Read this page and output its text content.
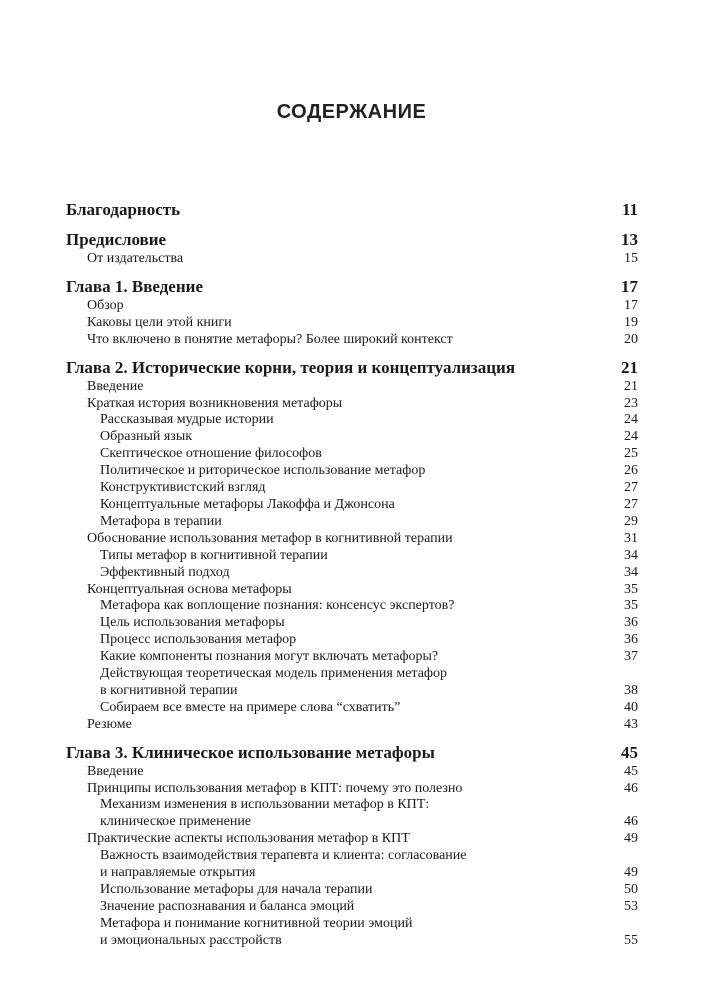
СОДЕРЖАНИЕ
Благодарность	11
Предисловие	13
От издательства	15
Глава 1. Введение	17
Обзор	17
Каковы цели этой книги	19
Что включено в понятие метафоры? Более широкий контекст	20
Глава 2. Исторические корни, теория и концептуализация	21
Введение	21
Краткая история возникновения метафоры	23
Рассказывая мудрые истории	24
Образный язык	24
Скептическое отношение философов	25
Политическое и риторическое использование метафор	26
Конструктивистский взгляд	27
Концептуальные метафоры Лакоффа и Джонсона	27
Метафора в терапии	29
Обоснование использования метафор в когнитивной терапии	31
Типы метафор в когнитивной терапии	34
Эффективный подход	34
Концептуальная основа метафоры	35
Метафора как воплощение познания: консенсус экспертов?	35
Цель использования метафоры	36
Процесс использования метафор	36
Какие компоненты познания могут включать метафоры?	37
Действующая теоретическая модель применения метафор
в когнитивной терапии	38
Собираем все вместе на примере слова “схватить”	40
Резюме	43
Глава 3. Клиническое использование метафоры	45
Введение	45
Принципы использования метафор в КПТ: почему это полезно	46
Механизм изменения в использовании метафор в КПТ:
клиническое применение	46
Практические аспекты использования метафор в КПТ	49
Важность взаимодействия терапевта и клиента: согласование
и направляемые открытия	49
Использование метафоры для начала терапии	50
Значение распознавания и баланса эмоций	53
Метафора и понимание когнитивной теории эмоций
и эмоциональных расстройств	55
